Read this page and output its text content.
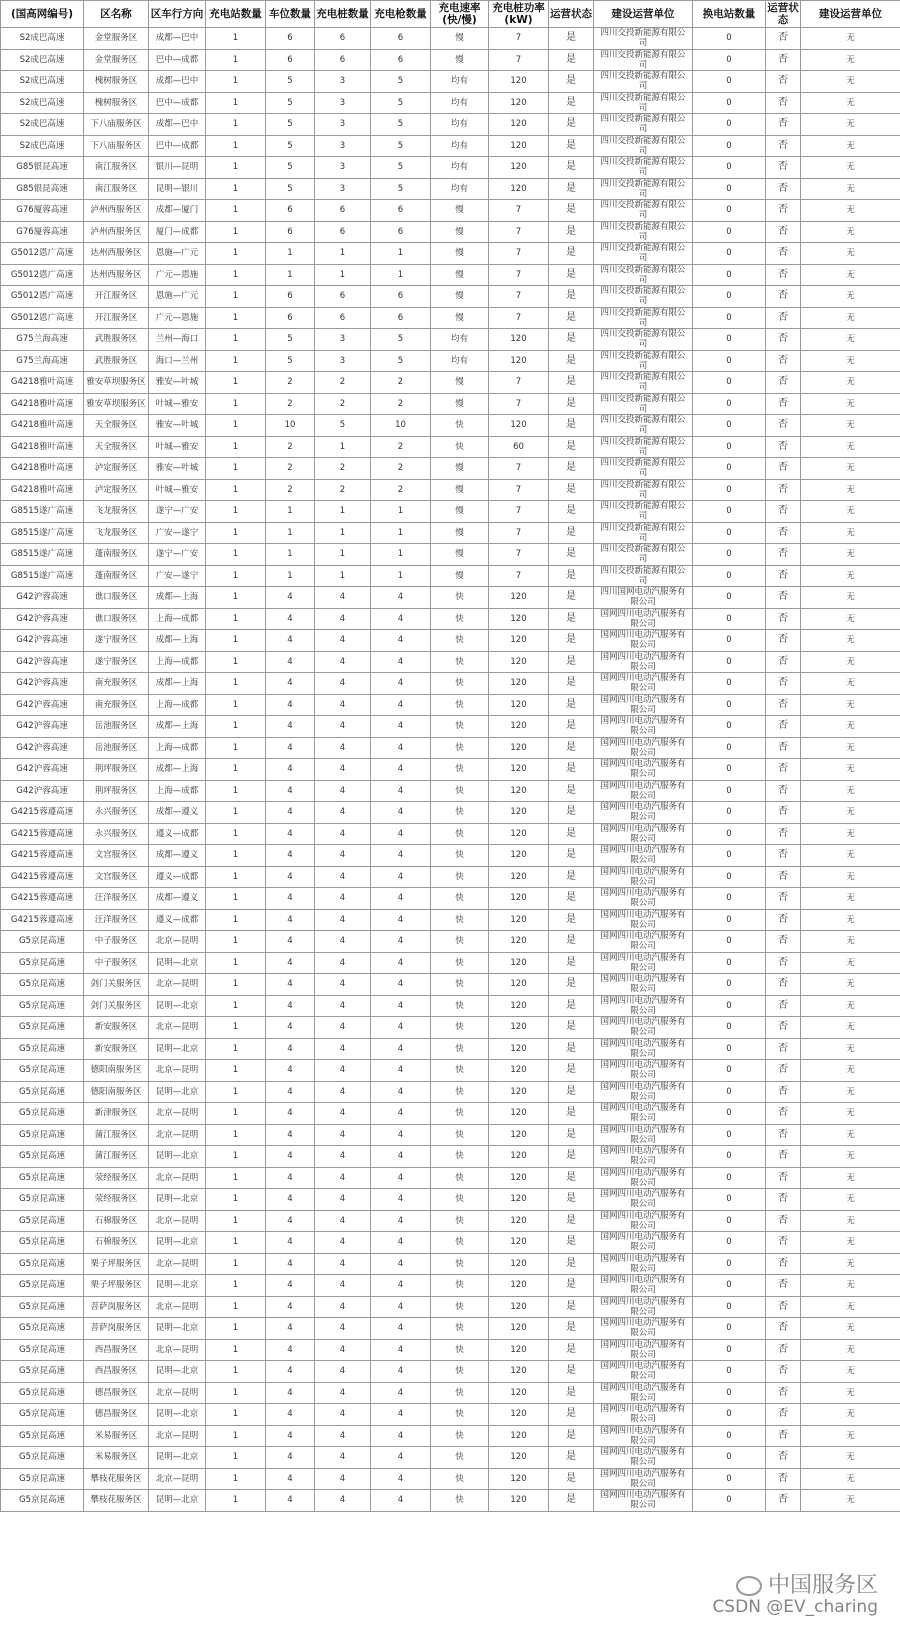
(国高网编号)	区名称	区车行方向	充电站数量	车位数量	充电桩数量	充电枪数量	充电速率(快/慢)	充电桩功率(kW)	运营状态	建设运营单位	换电站数量	运营状态	建设运营单位
S2成巴高速	金堂服务区	成都—巴中	1	6	6	6	慢	7	是	四川交投新能源有限公司	0	否	无
S2成巴高速	金堂服务区	巴中—成都	1	6	6	6	慢	7	是	四川交投新能源有限公司	0	否	无
S2成巴高速	槐树服务区	成都—巴中	1	5	3	5	均有	120	是	四川交投新能源有限公司	0	否	无
S2成巴高速	槐树服务区	巴中—成都	1	5	3	5	均有	120	是	四川交投新能源有限公司	0	否	无
S2成巴高速	下八庙服务区	成都—巴中	1	5	3	5	均有	120	是	四川交投新能源有限公司	0	否	无
S2成巴高速	下八庙服务区	巴中—成都	1	5	3	5	均有	120	是	四川交投新能源有限公司	0	否	无
G85银昆高速	南江服务区	银川—昆明	1	5	3	5	均有	120	是	四川交投新能源有限公司	0	否	无
G85银昆高速	南江服务区	昆明—银川	1	5	3	5	均有	120	是	四川交投新能源有限公司	0	否	无
G76厦蓉高速	泸州西服务区	成都—厦门	1	6	6	6	慢	7	是	四川交投新能源有限公司	0	否	无
G76厦蓉高速	泸州西服务区	厦门—成都	1	6	6	6	慢	7	是	四川交投新能源有限公司	0	否	无
G5012恩广高速	达州西服务区	恩施—广元	1	1	1	1	慢	7	是	四川交投新能源有限公司	0	否	无
G5012恩广高速	达州西服务区	广元—恩施	1	1	1	1	慢	7	是	四川交投新能源有限公司	0	否	无
G5012恩广高速	开江服务区	恩施—广元	1	6	6	6	慢	7	是	四川交投新能源有限公司	0	否	无
G5012恩广高速	开江服务区	广元—恩施	1	6	6	6	慢	7	是	四川交投新能源有限公司	0	否	无
G75兰海高速	武胜服务区	兰州—海口	1	5	3	5	均有	120	是	四川交投新能源有限公司	0	否	无
G75兰海高速	武胜服务区	海口—兰州	1	5	3	5	均有	120	是	四川交投新能源有限公司	0	否	无
G4218雅叶高速	雅安草坝服务区	雅安—叶城	1	2	2	2	慢	7	是	四川交投新能源有限公司	0	否	无
G4218雅叶高速	雅安草坝服务区	叶城—雅安	1	2	2	2	慢	7	是	四川交投新能源有限公司	0	否	无
G4218雅叶高速	天全服务区	雅安—叶城	1	10	5	10	快	120	是	四川交投新能源有限公司	0	否	无
G4218雅叶高速	天全服务区	叶城—雅安	1	2	1	2	快	60	是	四川交投新能源有限公司	0	否	无
G4218雅叶高速	泸定服务区	雅安—叶城	1	2	2	2	慢	7	是	四川交投新能源有限公司	0	否	无
G4218雅叶高速	泸定服务区	叶城—雅安	1	2	2	2	慢	7	是	四川交投新能源有限公司	0	否	无
G8515遂广高速	飞龙服务区	遂宁—广安	1	1	1	1	慢	7	是	四川交投新能源有限公司	0	否	无
G8515遂广高速	飞龙服务区	广安—遂宁	1	1	1	1	慢	7	是	四川交投新能源有限公司	0	否	无
G8515遂广高速	蓬南服务区	遂宁—广安	1	1	1	1	慢	7	是	四川交投新能源有限公司	0	否	无
G8515遂广高速	蓬南服务区	广安—遂宁	1	1	1	1	慢	7	是	四川交投新能源有限公司	0	否	无
G42沪蓉高速	谯口服务区	成都—上海	1	4	4	4	快	120	是	四川国网电动汽服务有限公司	0	否	无
G42沪蓉高速	谯口服务区	上海—成都	1	4	4	4	快	120	是	国网四川电动汽服务有限公司	0	否	无
G42沪蓉高速	遂宁服务区	成都—上海	1	4	4	4	快	120	是	国网四川电动汽服务有限公司	0	否	无
G42沪蓉高速	遂宁服务区	上海—成都	1	4	4	4	快	120	是	国网四川电动汽服务有限公司	0	否	无
G42沪蓉高速	南充服务区	成都—上海	1	4	4	4	快	120	是	国网四川电动汽服务有限公司	0	否	无
G42沪蓉高速	南充服务区	上海—成都	1	4	4	4	快	120	是	国网四川电动汽服务有限公司	0	否	无
G42沪蓉高速	岳池服务区	成都—上海	1	4	4	4	快	120	是	国网四川电动汽服务有限公司	0	否	无
G42沪蓉高速	岳池服务区	上海—成都	1	4	4	4	快	120	是	国网四川电动汽服务有限公司	0	否	无
G42沪蓉高速	荆坪服务区	成都—上海	1	4	4	4	快	120	是	国网四川电动汽服务有限公司	0	否	无
G42沪蓉高速	荆坪服务区	上海—成都	1	4	4	4	快	120	是	国网四川电动汽服务有限公司	0	否	无
G4215蓉遵高速	永兴服务区	成都—遵义	1	4	4	4	快	120	是	国网四川电动汽服务有限公司	0	否	无
G4215蓉遵高速	永兴服务区	遵义—成都	1	4	4	4	快	120	是	国网四川电动汽服务有限公司	0	否	无
G4215蓉遵高速	文宫服务区	成都—遵义	1	4	4	4	快	120	是	国网四川电动汽服务有限公司	0	否	无
G4215蓉遵高速	文宫服务区	遵义—成都	1	4	4	4	快	120	是	国网四川电动汽服务有限公司	0	否	无
G4215蓉遵高速	汪洋服务区	成都—遵义	1	4	4	4	快	120	是	国网四川电动汽服务有限公司	0	否	无
G4215蓉遵高速	汪洋服务区	遵义—成都	1	4	4	4	快	120	是	国网四川电动汽服务有限公司	0	否	无
G5京昆高速	中子服务区	北京—昆明	1	4	4	4	快	120	是	国网四川电动汽服务有限公司	0	否	无
G5京昆高速	中子服务区	昆明—北京	1	4	4	4	快	120	是	国网四川电动汽服务有限公司	0	否	无
G5京昆高速	剑门关服务区	北京—昆明	1	4	4	4	快	120	是	国网四川电动汽服务有限公司	0	否	无
G5京昆高速	剑门关服务区	昆明—北京	1	4	4	4	快	120	是	国网四川电动汽服务有限公司	0	否	无
G5京昆高速	新安服务区	北京—昆明	1	4	4	4	快	120	是	国网四川电动汽服务有限公司	0	否	无
G5京昆高速	新安服务区	昆明—北京	1	4	4	4	快	120	是	国网四川电动汽服务有限公司	0	否	无
G5京昆高速	德阳南服务区	北京—昆明	1	4	4	4	快	120	是	国网四川电动汽服务有限公司	0	否	无
G5京昆高速	德阳南服务区	昆明—北京	1	4	4	4	快	120	是	国网四川电动汽服务有限公司	0	否	无
G5京昆高速	新津服务区	北京—昆明	1	4	4	4	快	120	是	国网四川电动汽服务有限公司	0	否	无
G5京昆高速	蒲江服务区	北京—昆明	1	4	4	4	快	120	是	国网四川电动汽服务有限公司	0	否	无
G5京昆高速	蒲江服务区	昆明—北京	1	4	4	4	快	120	是	国网四川电动汽服务有限公司	0	否	无
G5京昆高速	荥经服务区	北京—昆明	1	4	4	4	快	120	是	国网四川电动汽服务有限公司	0	否	无
G5京昆高速	荥经服务区	昆明—北京	1	4	4	4	快	120	是	国网四川电动汽服务有限公司	0	否	无
G5京昆高速	石棉服务区	北京—昆明	1	4	4	4	快	120	是	国网四川电动汽服务有限公司	0	否	无
G5京昆高速	石棉服务区	昆明—北京	1	4	4	4	快	120	是	国网四川电动汽服务有限公司	0	否	无
G5京昆高速	栗子坪服务区	北京—昆明	1	4	4	4	快	120	是	国网四川电动汽服务有限公司	0	否	无
G5京昆高速	栗子坪服务区	昆明—北京	1	4	4	4	快	120	是	国网四川电动汽服务有限公司	0	否	无
G5京昆高速	菩萨岗服务区	北京—昆明	1	4	4	4	快	120	是	国网四川电动汽服务有限公司	0	否	无
G5京昆高速	菩萨岗服务区	昆明—北京	1	4	4	4	快	120	是	国网四川电动汽服务有限公司	0	否	无
G5京昆高速	西昌服务区	北京—昆明	1	4	4	4	快	120	是	国网四川电动汽服务有限公司	0	否	无
G5京昆高速	西昌服务区	昆明—北京	1	4	4	4	快	120	是	国网四川电动汽服务有限公司	0	否	无
G5京昆高速	德昌服务区	北京—昆明	1	4	4	4	快	120	是	国网四川电动汽服务有限公司	0	否	无
G5京昆高速	德昌服务区	昆明—北京	1	4	4	4	快	120	是	国网四川电动汽服务有限公司	0	否	无
G5京昆高速	米易服务区	北京—昆明	1	4	4	4	快	120	是	国网四川电动汽服务有限公司	0	否	无
G5京昆高速	米易服务区	昆明—北京	1	4	4	4	快	120	是	国网四川电动汽服务有限公司	0	否	无
G5京昆高速	攀枝花服务区	北京—昆明	1	4	4	4	快	120	是	国网四川电动汽服务有限公司	0	否	无
G5京昆高速	攀枝花服务区	昆明—北京	1	4	4	4	快	120	是	国网四川电动汽服务有限公司	0	否	无
中国服务区
CSDN @EV_charing
